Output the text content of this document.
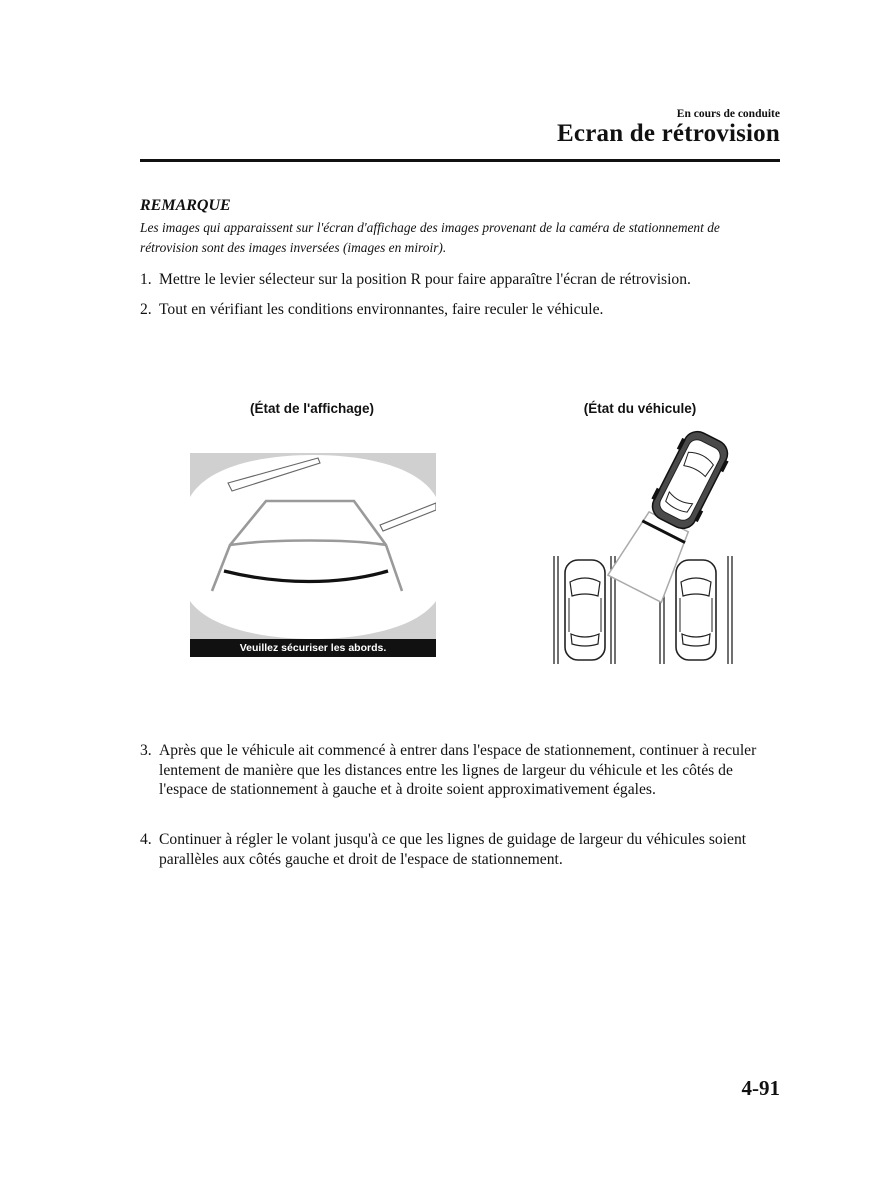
En cours de conduite
Ecran de rétrovision
REMARQUE
Les images qui apparaissent sur l'écran d'affichage des images provenant de la caméra de stationnement de rétrovision sont des images inversées (images en miroir).
1. Mettre le levier sélecteur sur la position R pour faire apparaître l'écran de rétrovision.
2. Tout en vérifiant les conditions environnantes, faire reculer le véhicule.
(État de l'affichage)	(État du véhicule)
Veuillez sécuriser les abords.
3. Après que le véhicule ait commencé à entrer dans l'espace de stationnement, continuer à reculer lentement de manière que les distances entre les lignes de largeur du véhicule et les côtés de l'espace de stationnement à gauche et à droite soient approximativement égales.
4. Continuer à régler le volant jusqu'à ce que les lignes de guidage de largeur du véhicules soient parallèles aux côtés gauche et droit de l'espace de stationnement.
4-91
